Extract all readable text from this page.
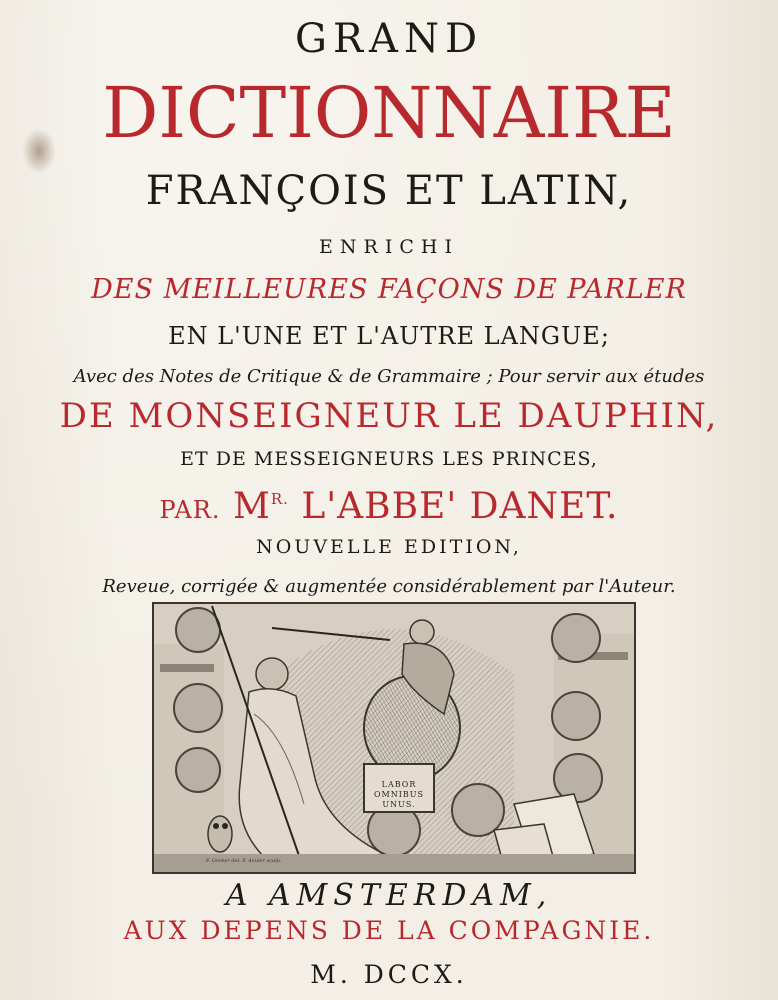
GRAND
DICTIONNAIRE
FRANÇOIS ET LATIN,
ENRICHI
DES MEILLEURES FAÇONS DE PARLER
EN L'UNE ET L'AUTRE LANGUE;
Avec des Notes de Critique & de Grammaire ; Pour servir aux études
DE MONSEIGNEUR LE DAUPHIN,
ET DE MESSEIGNEURS LES PRINCES,
PAR. $M^{R.}$ L'ABBE' DANET.
NOUVELLE EDITION,
Reveue, corrigée & augmentée considérablement par l'Auteur.
LABOR
OMNIBUS
UNUS.
F. Greber del. F. Aeuler sculp.
A AMSTERDAM,
AUX DEPENS DE LA COMPAGNIE.
M. DCCX.
